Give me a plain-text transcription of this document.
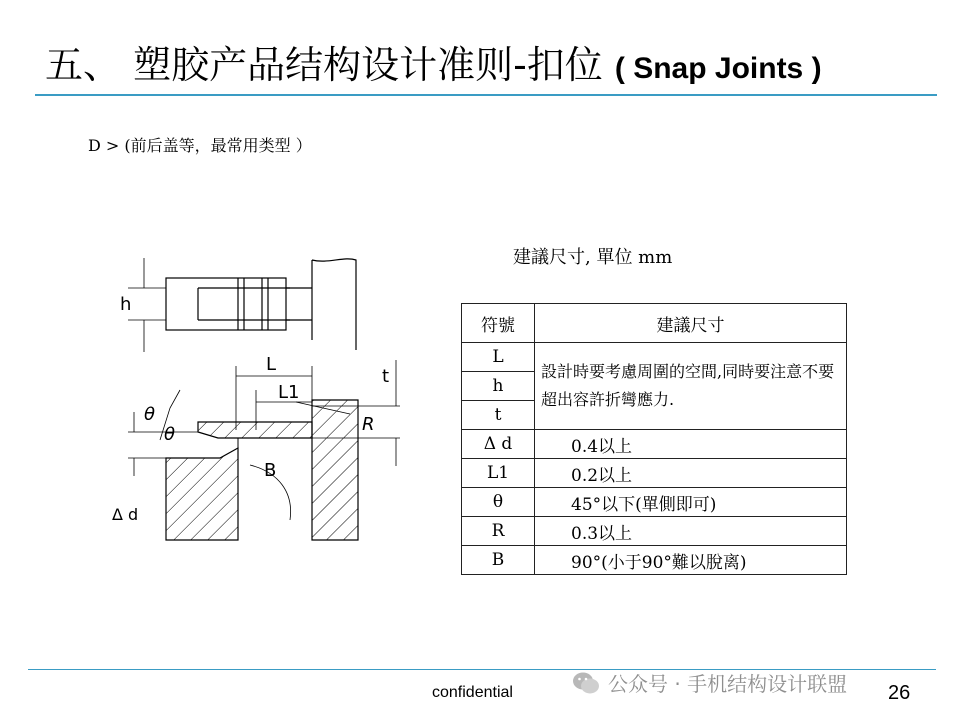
五、 塑胶产品结构设计准则-扣位 ( Snap Joints )
D > (前后盖等，最常用类型 ）
h
L
L1
t
R
θ
θ
B
Δ d
建議尺寸, 單位 mm
符號	建議尺寸
L	設計時要考慮周圍的空間,同時要注意不要超出容許折彎應力.
h	
t	
Δ d	0.4以上
L1	0.2以上
θ	45°以下(單側即可)
R	0.3以上
B	90°(小于90°難以脫离)
confidential	公众号 · 手机结构设计联盟 26
